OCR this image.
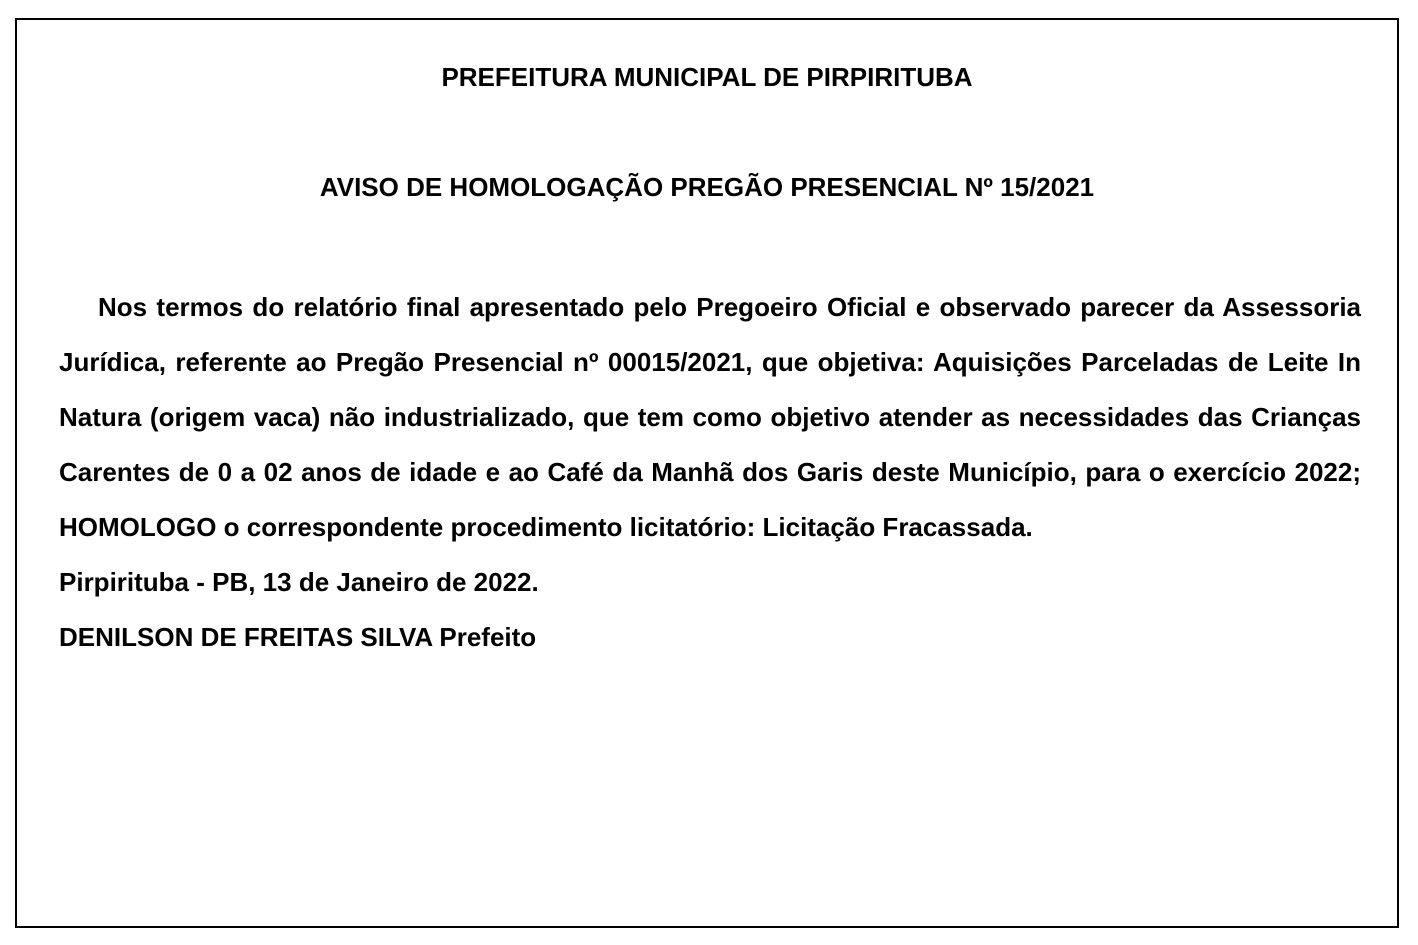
PREFEITURA MUNICIPAL DE PIRPIRITUBA
AVISO DE HOMOLOGAÇÃO PREGÃO PRESENCIAL Nº 15/2021

Nos termos do relatório final apresentado pelo Pregoeiro Oficial e observado parecer da Assessoria Jurídica, referente ao Pregão Presencial nº 00015/2021, que objetiva: Aquisições Parceladas de Leite In Natura (origem vaca) não industrializado, que tem como objetivo atender as necessidades das Crianças Carentes de 0 a 02 anos de idade e ao Café da Manhã dos Garis deste Município, para o exercício 2022; HOMOLOGO o correspondente procedimento licitatório: Licitação Fracassada.

Pirpirituba - PB, 13 de Janeiro de 2022.

DENILSON DE FREITAS SILVA Prefeito
